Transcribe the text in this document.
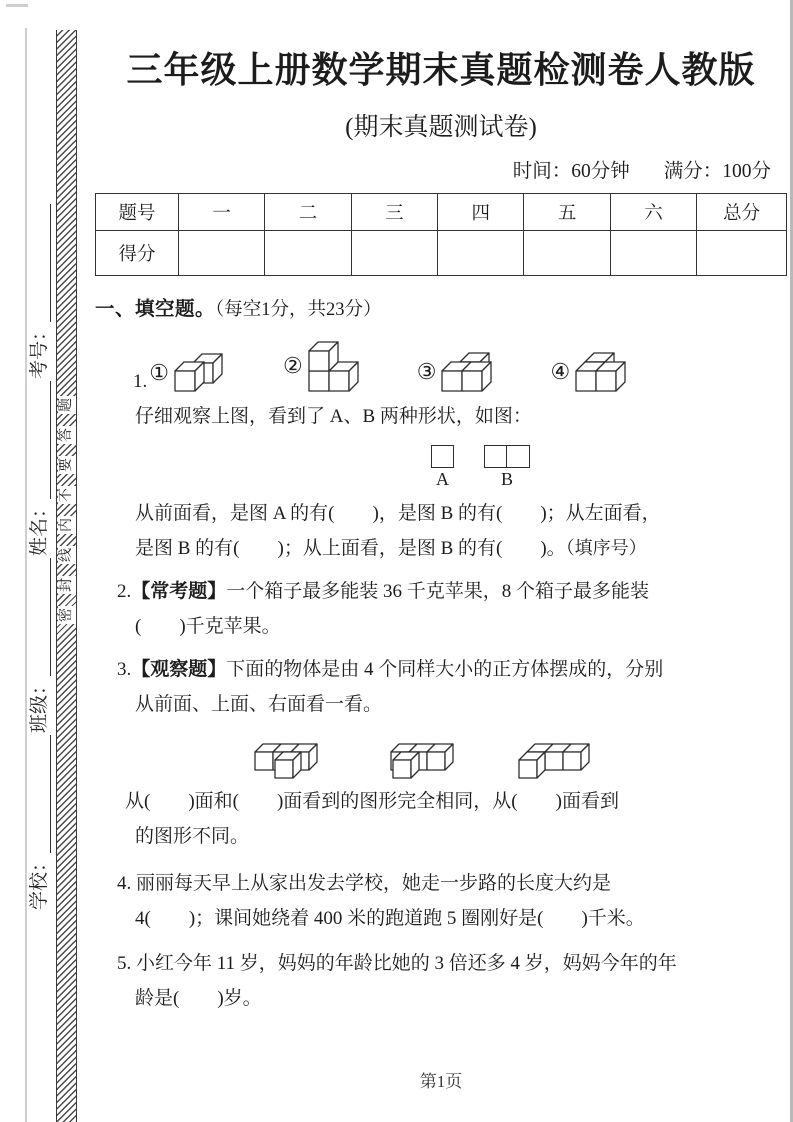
学校：
班级：
姓名：
考号：
题
答
要
不
内
线
封
密
三年级上册数学期末真题检测卷人教版
(期末真题测试卷)
时间：60分钟 满分：100分
题号	一	二	三	四	五	六	总分
得分							
一、填空题。（每空1分，共23分）
1. ①	②	③	④
仔细观察上图，看到了 A、B 两种形状，如图：
A	B
从前面看，是图 A 的有(　　)，是图 B 的有(　　)；从左面看，
是图 B 的有(　　)；从上面看，是图 B 的有(　　)。（填序号）
2.【常考题】一个箱子最多能装 36 千克苹果，8 个箱子最多能装
(　　)千克苹果。
3.【观察题】下面的物体是由 4 个同样大小的正方体摆成的，分别
从前面、上面、右面看一看。
从(　　)面和(　　)面看到的图形完全相同，从(　　)面看到
的图形不同。
4. 丽丽每天早上从家出发去学校，她走一步路的长度大约是
4(　　)；课间她绕着 400 米的跑道跑 5 圈刚好是(　　)千米。
5. 小红今年 11 岁，妈妈的年龄比她的 3 倍还多 4 岁，妈妈今年的年
龄是(　　)岁。
第1页
